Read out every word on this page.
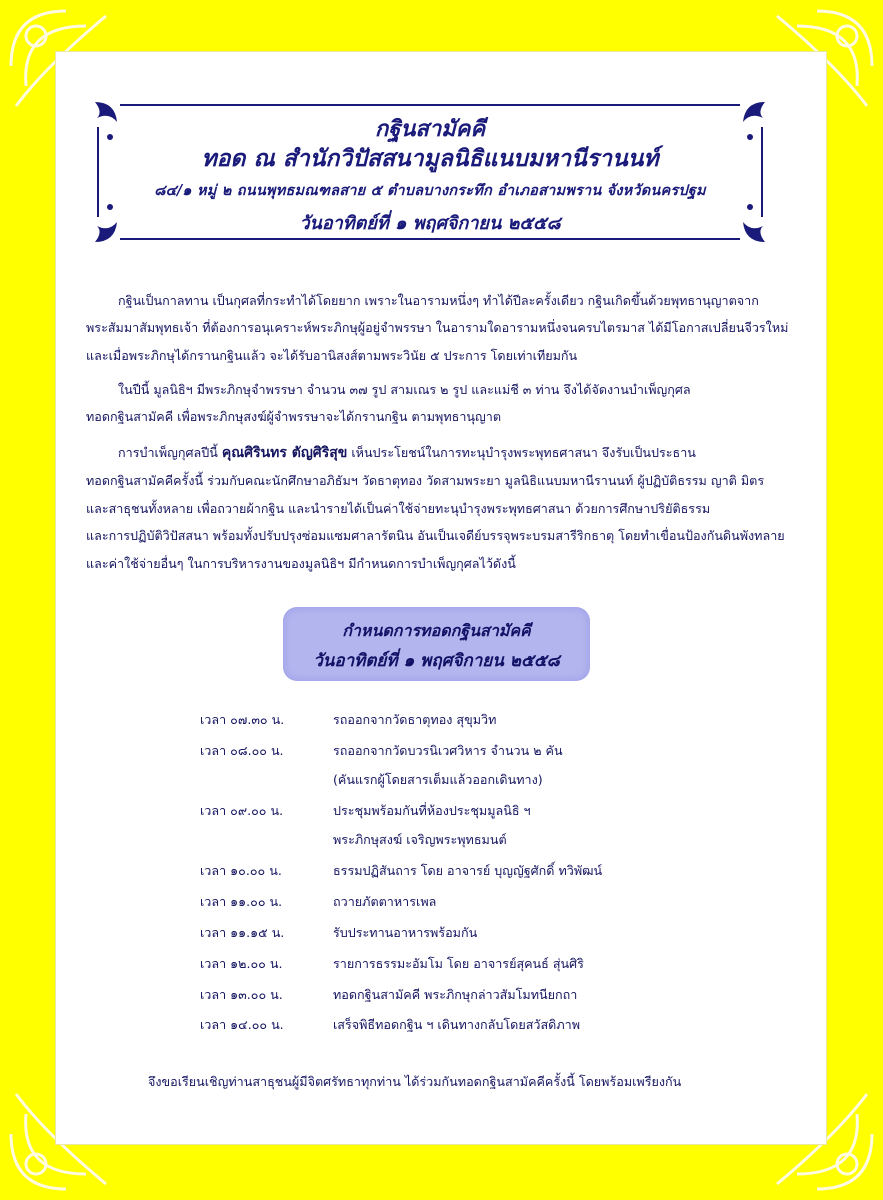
กฐินสามัคคี
ทอด ณ สำนักวิปัสสนามูลนิธิแนบมหานีรานนท์
๘๔/๑ หมู่ ๒ ถนนพุทธมณฑลสาย ๕ ตำบลบางกระทึก อำเภอสามพราน จังหวัดนครปฐม
วันอาทิตย์ที่ ๑ พฤศจิกายน ๒๕๕๘
กฐินเป็นกาลทาน เป็นกุศลที่กระทำได้โดยยาก เพราะในอารามหนึ่งๆ ทำได้ปีละครั้งเดียว กฐินเกิดขึ้นด้วยพุทธานุญาตจาก
พระสัมมาสัมพุทธเจ้า ที่ต้องการอนุเคราะห์พระภิกษุผู้อยู่จำพรรษา ในอารามใดอารามหนึ่งจนครบไตรมาส ได้มีโอกาสเปลี่ยนจีวรใหม่
และเมื่อพระภิกษุได้กรานกฐินแล้ว จะได้รับอานิสงส์ตามพระวินัย ๕ ประการ โดยเท่าเทียมกัน
ในปีนี้ มูลนิธิฯ มีพระภิกษุจำพรรษา จำนวน ๓๗ รูป สามเณร ๒ รูป และแม่ชี ๓ ท่าน จึงได้จัดงานบำเพ็ญกุศล
ทอดกฐินสามัคคี เพื่อพระภิกษุสงฆ์ผู้จำพรรษาจะได้กรานกฐิน ตามพุทธานุญาต
การบำเพ็ญกุศลปีนี้ คุณศิรินทร ตัญศิริสุข เห็นประโยชน์ในการทะนุบำรุงพระพุทธศาสนา จึงรับเป็นประธาน
ทอดกฐินสามัคคีครั้งนี้ ร่วมกับคณะนักศึกษาอภิธัมฯ วัดธาตุทอง วัดสามพระยา มูลนิธิแนบมหานีรานนท์ ผู้ปฏิบัติธรรม ญาติ มิตร
และสาธุชนทั้งหลาย เพื่อถวายผ้ากฐิน และนำรายได้เป็นค่าใช้จ่ายทะนุบำรุงพระพุทธศาสนา ด้วยการศึกษาปริยัติธรรม
และการปฏิบัติวิปัสสนา พร้อมทั้งปรับปรุงซ่อมแซมศาลารัตนิน อันเป็นเจดีย์บรรจุพระบรมสารีริกธาตุ โดยทำเขื่อนป้องกันดินพังทลาย
และค่าใช้จ่ายอื่นๆ ในการบริหารงานของมูลนิธิฯ มีกำหนดการบำเพ็ญกุศลไว้ดังนี้
กำหนดการทอดกฐินสามัคคี
วันอาทิตย์ที่ ๑ พฤศจิกายน ๒๕๕๘
เวลา ๐๗.๓๐ น.	รถออกจากวัดธาตุทอง สุขุมวิท
เวลา ๐๘.๐๐ น.	รถออกจากวัดบวรนิเวศวิหาร จำนวน ๒ คัน
(คันแรกผู้โดยสารเต็มแล้วออกเดินทาง)
เวลา ๐๙.๐๐ น.	ประชุมพร้อมกันที่ห้องประชุมมูลนิธิ ฯ
พระภิกษุสงฆ์ เจริญพระพุทธมนต์
เวลา ๑๐.๐๐ น.	ธรรมปฏิสันถาร โดย อาจารย์ บุญญัฐศักดิ์ ทวิพัฒน์
เวลา ๑๑.๐๐ น.	ถวายภัตตาหารเพล
เวลา ๑๑.๑๕ น.	รับประทานอาหารพร้อมกัน
เวลา ๑๒.๐๐ น.	รายการธรรมะอัมโม โดย อาจารย์สุคนธ์ สุ่นศิริ
เวลา ๑๓.๐๐ น.	ทอดกฐินสามัคคี พระภิกษุกล่าวสัมโมทนียกถา
เวลา ๑๔.๐๐ น.	เสร็จพิธีทอดกฐิน ฯ เดินทางกลับโดยสวัสดิภาพ
จึงขอเรียนเชิญท่านสาธุชนผู้มีจิตศรัทธาทุกท่าน ได้ร่วมกันทอดกฐินสามัคคีครั้งนี้ โดยพร้อมเพรียงกัน
